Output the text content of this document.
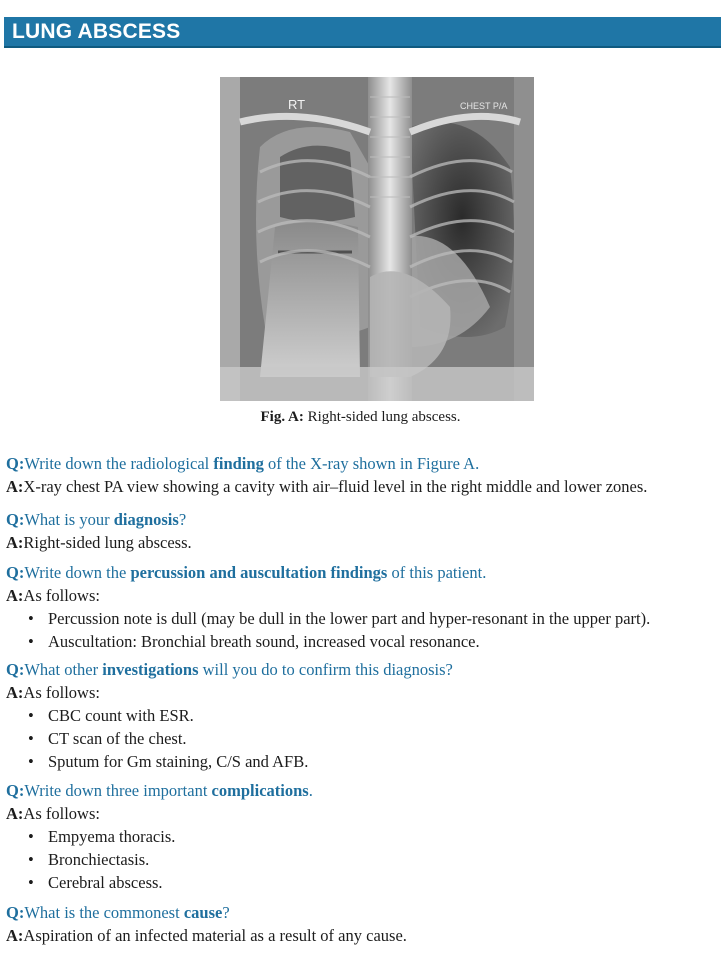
LUNG ABSCESS
RT	CHEST P/A
Fig. A: Right-sided lung abscess.
Q:Write down the radiological finding of the X-ray shown in Figure A.
A:X-ray chest PA view showing a cavity with air–fluid level in the right middle and lower zones.
Q:What is your diagnosis?
A:Right-sided lung abscess.
Q:Write down the percussion and auscultation findings of this patient.
A:As follows:
• Percussion note is dull (may be dull in the lower part and hyper-resonant in the upper part).
• Auscultation: Bronchial breath sound, increased vocal resonance.
Q:What other investigations will you do to confirm this diagnosis?
A:As follows:
• CBC count with ESR.
• CT scan of the chest.
• Sputum for Gm staining, C/S and AFB.
Q:Write down three important complications.
A:As follows:
• Empyema thoracis.
• Bronchiectasis.
• Cerebral abscess.
Q:What is the commonest cause?
A:Aspiration of an infected material as a result of any cause.
